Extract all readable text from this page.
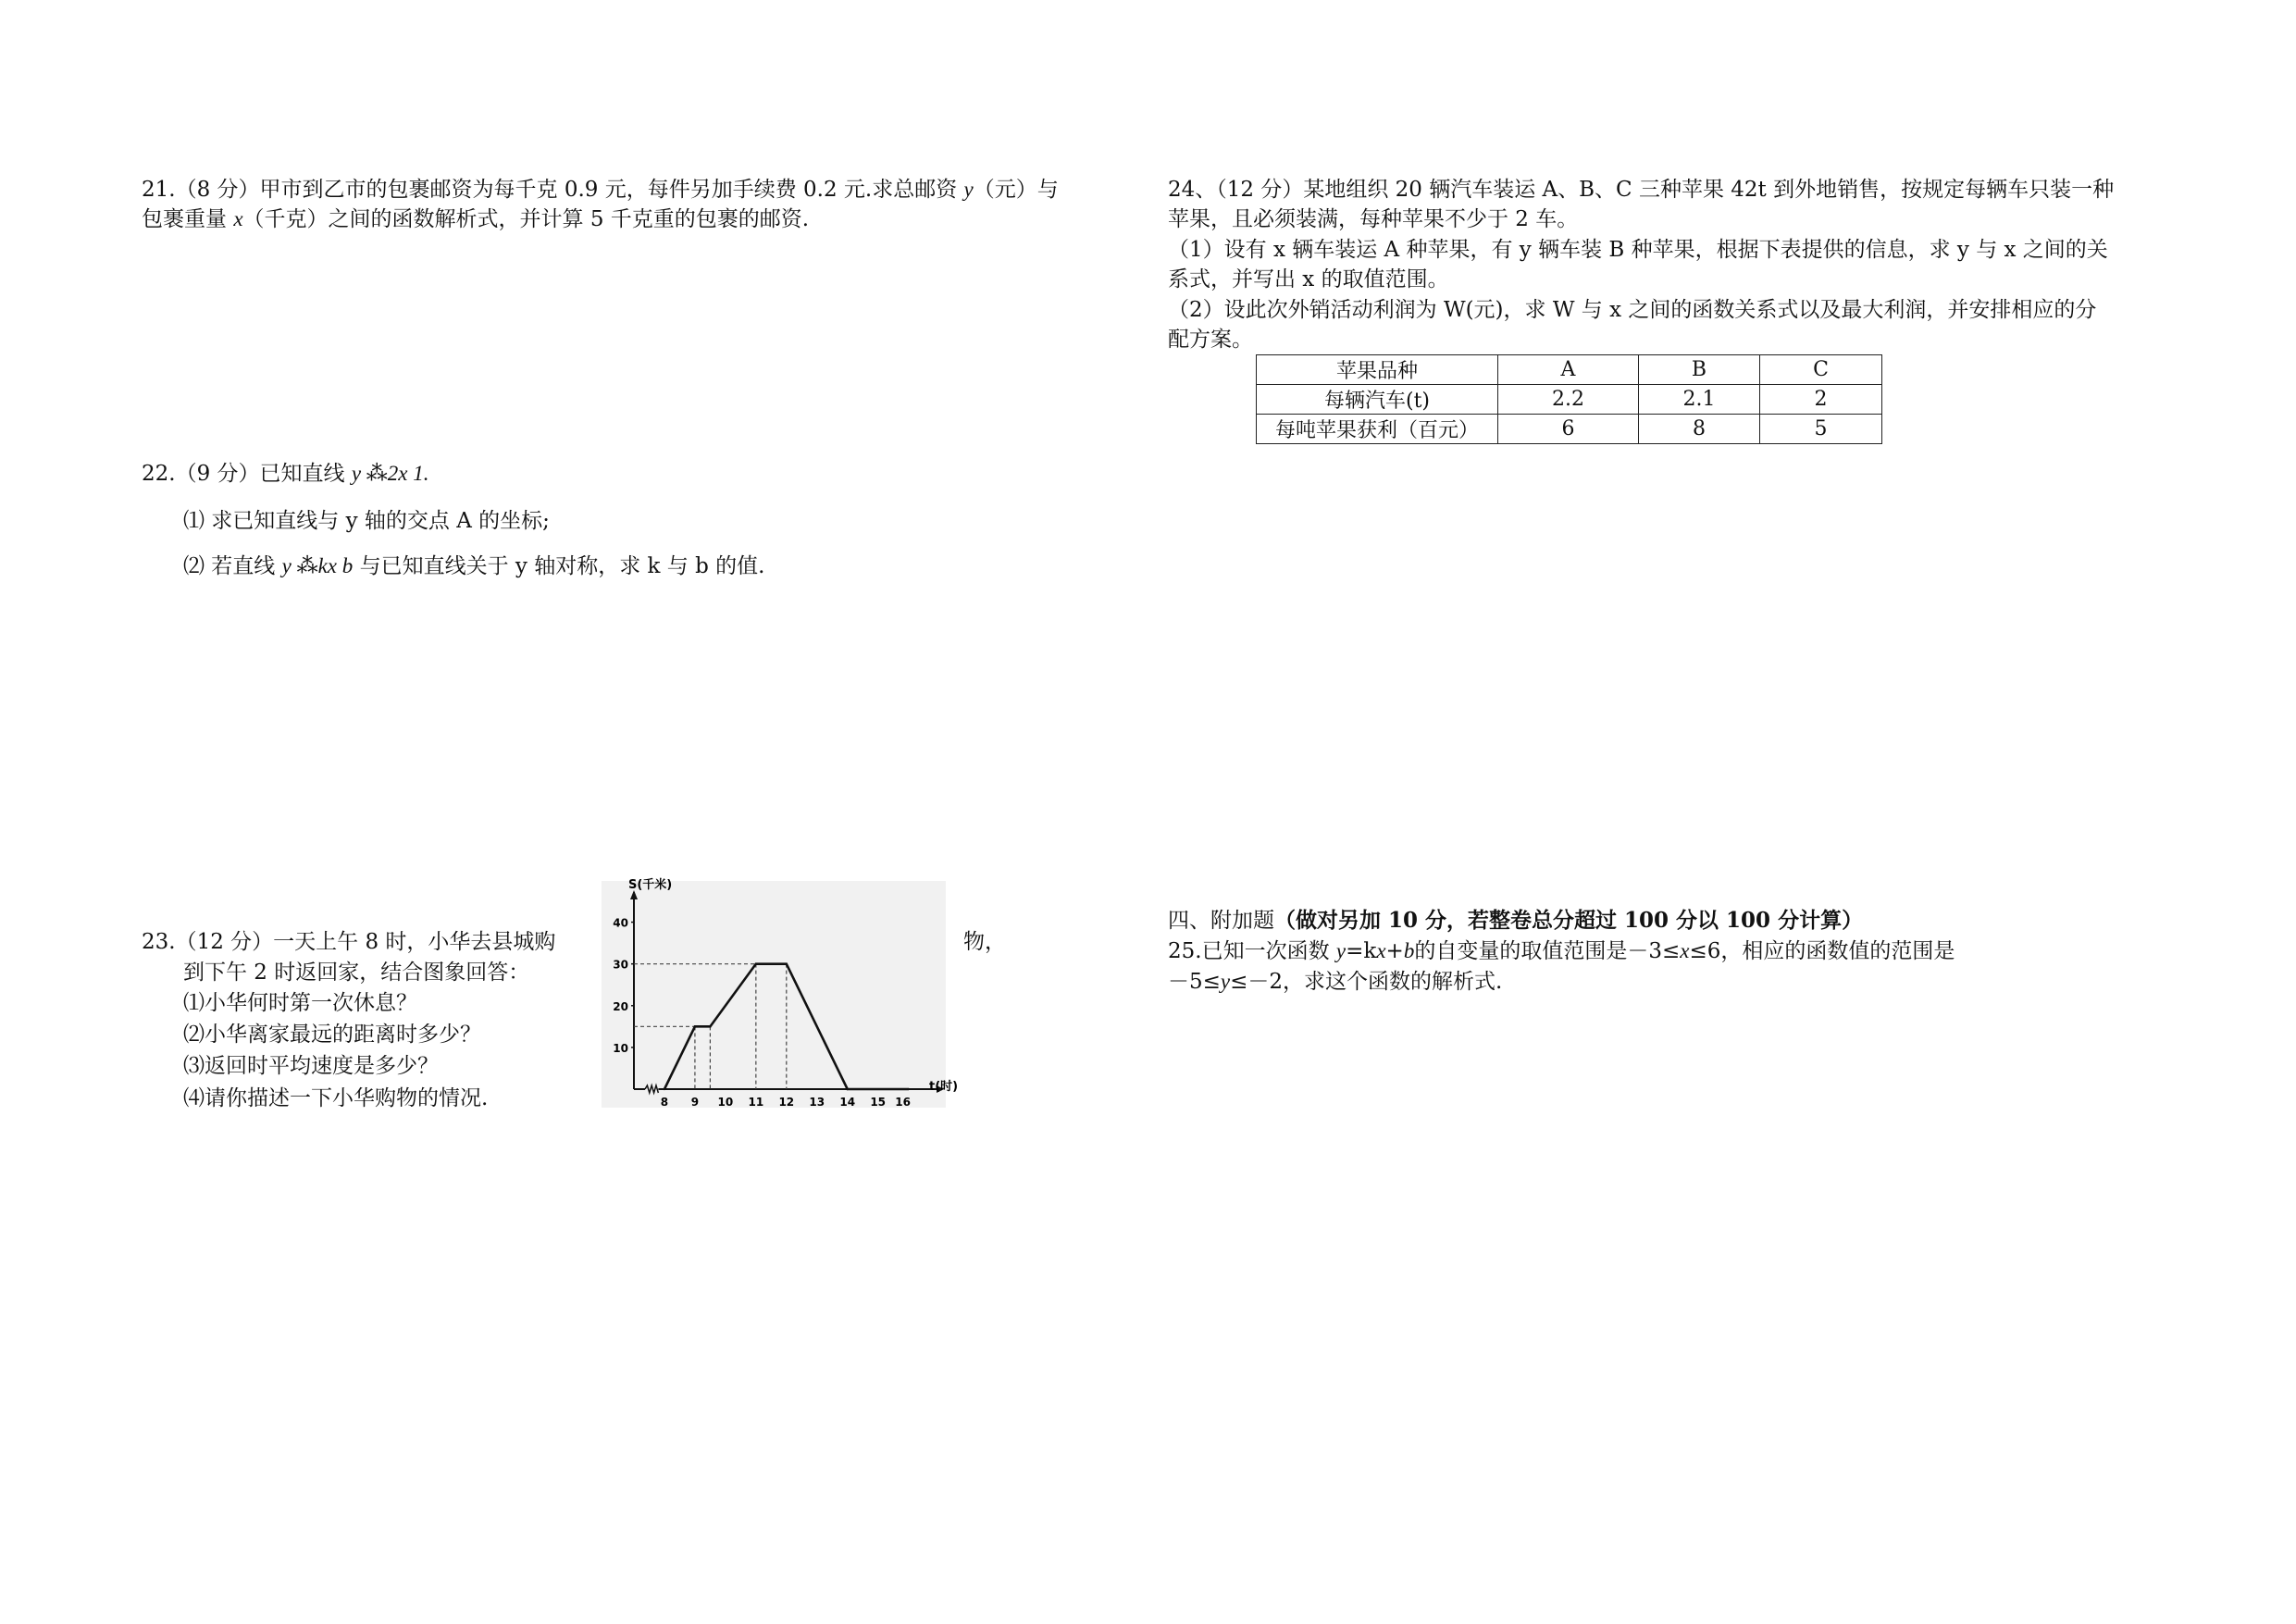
21.（8 分）甲市到乙市的包裹邮资为每千克 0.9 元，每件另加手续费 0.2 元.求总邮资 y（元）与
包裹重量 x（千克）之间的函数解析式，并计算 5 千克重的包裹的邮资.
22.（9 分）已知直线 y ⁂2x 1.
⑴ 求已知直线与 y 轴的交点 A 的坐标;
⑵ 若直线 y ⁂kx b 与已知直线关于 y 轴对称，求 k 与 b 的值.
23.（12 分）一天上午 8 时，小华去县城购	物，
到下午 2 时返回家，结合图象回答：
⑴小华何时第一次休息？
⑵小华离家最远的距离时多少？
⑶返回时平均速度是多少？
⑷请你描述一下小华购物的情况.
S(千米)
t(时)
10
20
30
40
8 9 10 11 12 13 14 15 16
24、（12 分）某地组织 20 辆汽车装运 A、B、C 三种苹果 42t 到外地销售，按规定每辆车只装一种
苹果，且必须装满，每种苹果不少于 2 车。
（1）设有 x 辆车装运 A 种苹果，有 y 辆车装 B 种苹果，根据下表提供的信息，求 y 与 x 之间的关
系式，并写出 x 的取值范围。
（2）设此次外销活动利润为 W(元)，求 W 与 x 之间的函数关系式以及最大利润，并安排相应的分
配方案。
苹果品种	A	B	C
每辆汽车(t)	2.2	2.1	2
每吨苹果获利（百元）	6	8	5
四、附加题（做对另加 10 分，若整卷总分超过 100 分以 100 分计算）
25.已知一次函数 y=kx+b的自变量的取值范围是－3≤x≤6，相应的函数值的范围是
－5≤y≤－2，求这个函数的解析式.
